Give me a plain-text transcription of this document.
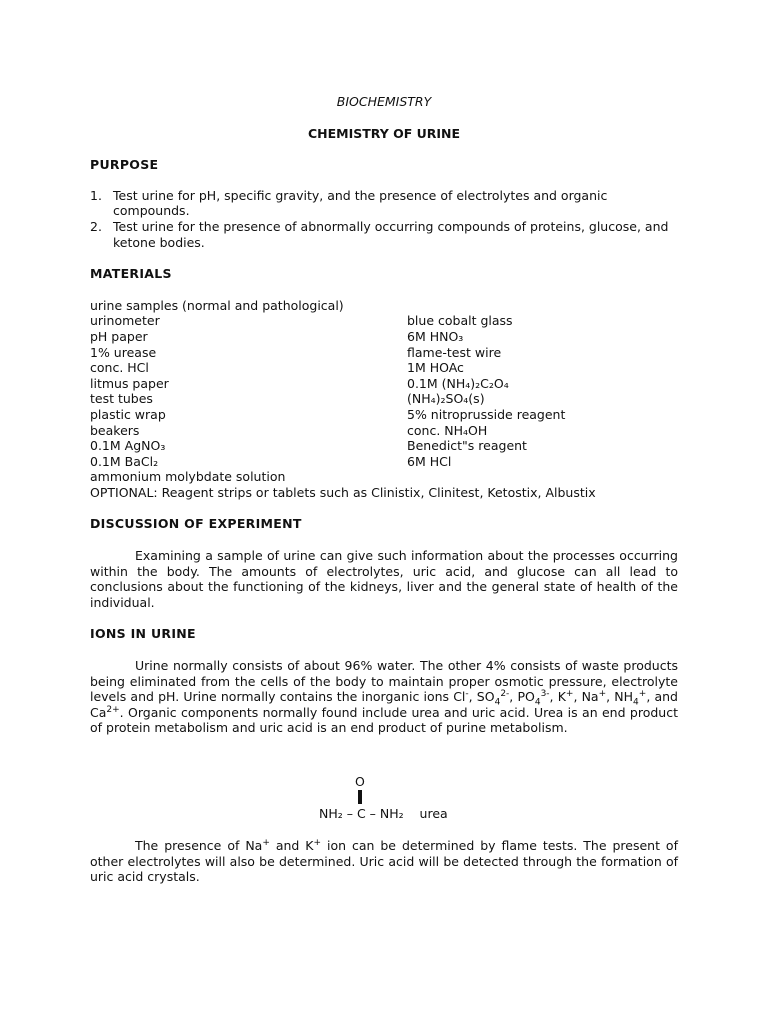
BIOCHEMISTRY

CHEMISTRY OF URINE

PURPOSE

1. Test urine for pH, specific gravity, and the presence of electrolytes and organic compounds.
2. Test urine for the presence of abnormally occurring compounds of proteins, glucose, and ketone bodies.

MATERIALS

urine samples (normal and pathological)
urinometer	blue cobalt glass
pH paper	6M HNO₃
1% urease	flame-test wire
conc. HCl	1M HOAc
litmus paper	0.1M (NH₄)₂C₂O₄
test tubes	(NH₄)₂SO₄(s)
plastic wrap	5% nitroprusside reagent
beakers	conc. NH₄OH
0.1M AgNO₃	Benedict"s reagent
0.1M BaCl₂	6M HCl
ammonium molybdate solution
OPTIONAL: Reagent strips or tablets such as Clinistix, Clinitest, Ketostix, Albustix

DISCUSSION OF EXPERIMENT

Examining a sample of urine can give such information about the processes occurring within the body. The amounts of electrolytes, uric acid, and glucose can all lead to conclusions about the functioning of the kidneys, liver and the general state of health of the individual.

IONS IN URINE

Urine normally consists of about 96% water. The other 4% consists of waste products being eliminated from the cells of the body to maintain proper osmotic pressure, electrolyte levels and pH. Urine normally contains the inorganic ions Cl-, $SO_4^{2-}$, $PO_4^{3-}$, K+, Na+, $NH_4^+$, and $Ca^{2+}$. Organic components normally found include urea and uric acid. Urea is an end product of protein metabolism and uric acid is an end product of purine metabolism.

O
NH₂ – C – NH₂    urea

The presence of Na+ and K+ ion can be determined by flame tests. The present of other electrolytes will also be determined. Uric acid will be detected through the formation of uric acid crystals.
